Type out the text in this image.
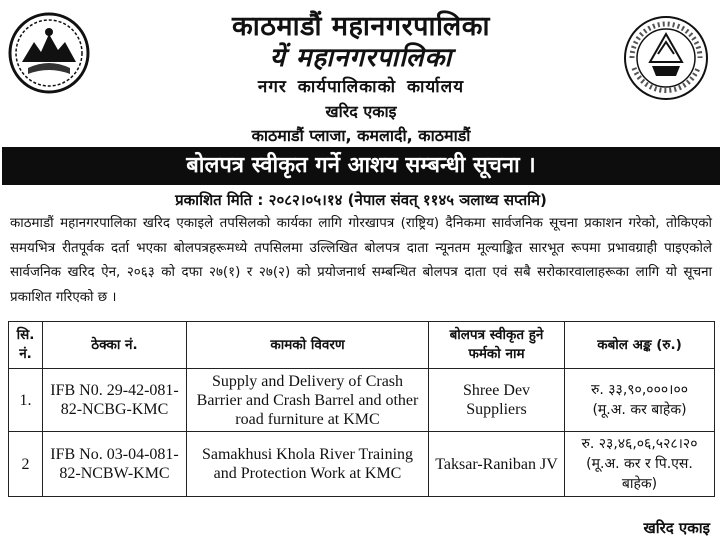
काठमाडौं महानगरपालिका
यें महानगरपालिका
नगर कार्यपालिकाको कार्यालय
खरिद एकाइ
काठमाडौं प्लाजा, कमलादी, काठमाडौं
बोलपत्र स्वीकृत गर्ने आशय सम्बन्धी सूचना ।
प्रकाशित मिति : २०८२।०५।१४ (नेपाल संवत् ११४५ ञलाथ्व सप्तमि)
काठमाडौं महानगरपालिका खरिद एकाइले तपसिलको कार्यका लागि गोरखापत्र (राष्ट्रिय) दैनिकमा सार्वजनिक सूचना प्रकाशन गरेको, तोकिएको समयभित्र रीतपूर्वक दर्ता भएका बोलपत्रहरूमध्ये तपसिलमा उल्लिखित बोलपत्र दाता न्यूनतम मूल्याङ्कित सारभूत रूपमा प्रभावग्राही पाइएकोले सार्वजनिक खरिद ऐन, २०६३ को दफा २७(१) र २७(२) को प्रयोजनार्थ सम्बन्धित बोलपत्र दाता एवं सबै सरोकारवालाहरूका लागि यो सूचना प्रकाशित गरिएको छ ।
सि. नं.	ठेक्का नं.	कामको विवरण	बोलपत्र स्वीकृत हुने फर्मको नाम	कबोल अङ्क (रु.)
1.	IFB N0. 29-42-081-82-NCBG-KMC	Supply and Delivery of Crash Barrier and Crash Barrel and other road furniture at KMC	Shree Dev Suppliers	रु. ३३,९०,०००।००
(मू.अ. कर बाहेक)

2	IFB No. 03-04-081-82-NCBW-KMC	Samakhusi Khola River Training and Protection Work at KMC	Taksar-Raniban JV	रु. २३,४६,०६,५२८।२०
(मू.अ. कर र पि.एस. बाहेक)
खरिद एकाइ
